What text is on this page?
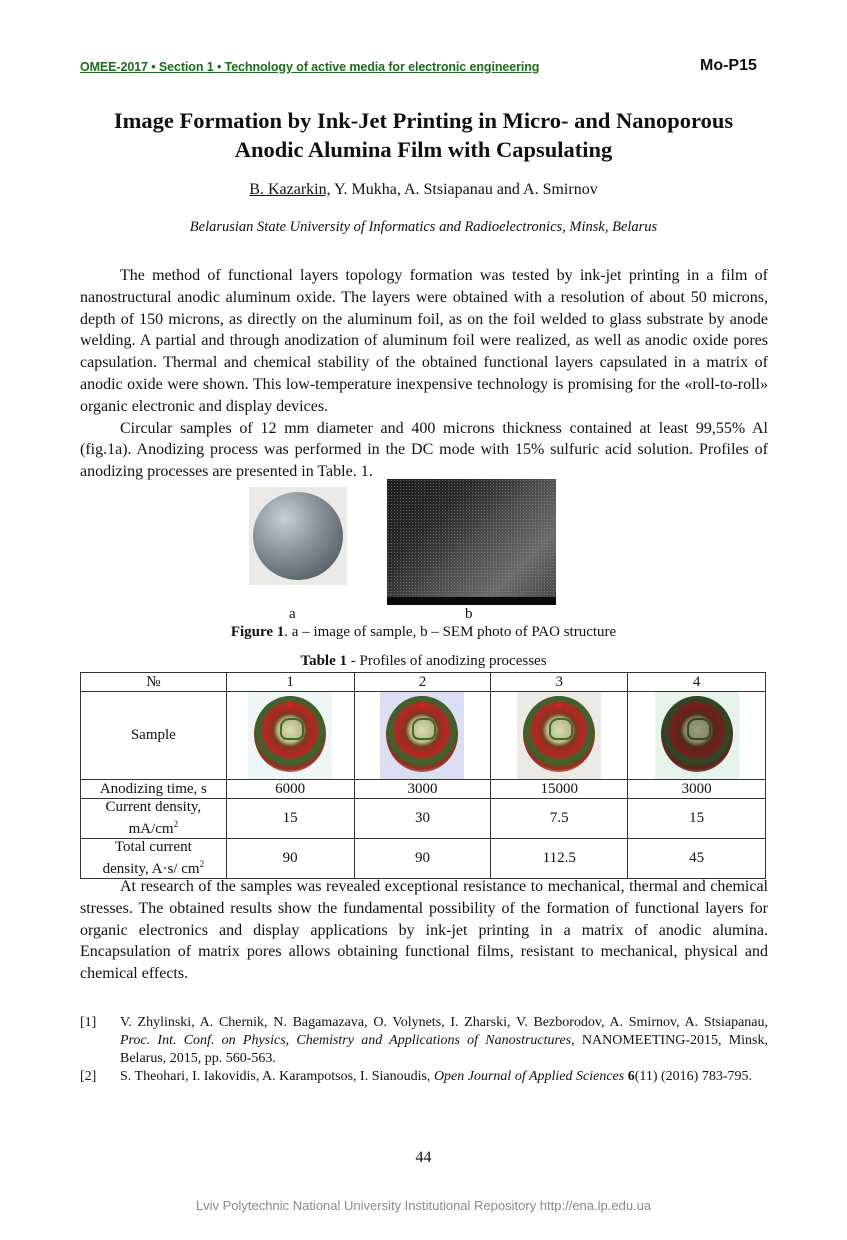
OMEE-2017 • Section 1 • Technology of active media for electronic engineering	Mo-P15
Image Formation by Ink-Jet Printing in Micro- and Nanoporous
Anodic Alumina Film with Capsulating
B. Kazarkin, Y. Mukha, A. Stsiapanau and A. Smirnov
Belarusian State University of Informatics and Radioelectronics, Minsk, Belarus

The method of functional layers topology formation was tested by ink-jet printing in a film of nanostructural anodic aluminum oxide. The layers were obtained with a resolution of about 50 microns, depth of 150 microns, as directly on the aluminum foil, as on the foil welded to glass substrate by anode welding. A partial and through anodization of aluminum foil were realized, as well as anodic oxide pores capsulation. Thermal and chemical stability of the obtained functional layers capsulated in a matrix of anodic oxide were shown. This low-temperature inexpensive technology is promising for the «roll-to-roll» organic electronic and display devices.

Circular samples of 12 mm diameter and 400 microns thickness contained at least 99,55% Al (fig.1a). Anodizing process was performed in the DC mode with 15% sulfuric acid solution. Profiles of anodizing processes are presented in Table. 1.

a	b
Figure 1. a – image of sample, b – SEM photo of PAO structure
Table 1 - Profiles of anodizing processes
№	1	2	3	4
Sample				
Anodizing time, s	6000	3000	15000	3000

Current density,
$mA/cm^2$	15	30	7.5	15

Total current
density, A·s/ $cm^2$	90	90	112.5	45

At research of the samples was revealed exceptional resistance to mechanical, thermal and chemical stresses. The obtained results show the fundamental possibility of the formation of functional layers for organic electronics and display applications by ink-jet printing in a matrix of anodic alumina. Encapsulation of matrix pores allows obtaining functional films, resistant to mechanical, physical and chemical effects.

[1] V. Zhylinski, A. Chernik, N. Bagamazava, O. Volynets, I. Zharski, V. Bezborodov, A. Smirnov, A. Stsiapanau, Proc. Int. Conf. on Physics, Chemistry and Applications of Nanostructures, NANOMEETING-2015, Minsk, Belarus, 2015, pp. 560-563.
[2] S. Theohari, I. Iakovidis, A. Karampotsos, I. Sianoudis, Open Journal of Applied Sciences 6(11) (2016) 783-795.
44
Lviv Polytechnic National University Institutional Repository http://ena.lp.edu.ua
